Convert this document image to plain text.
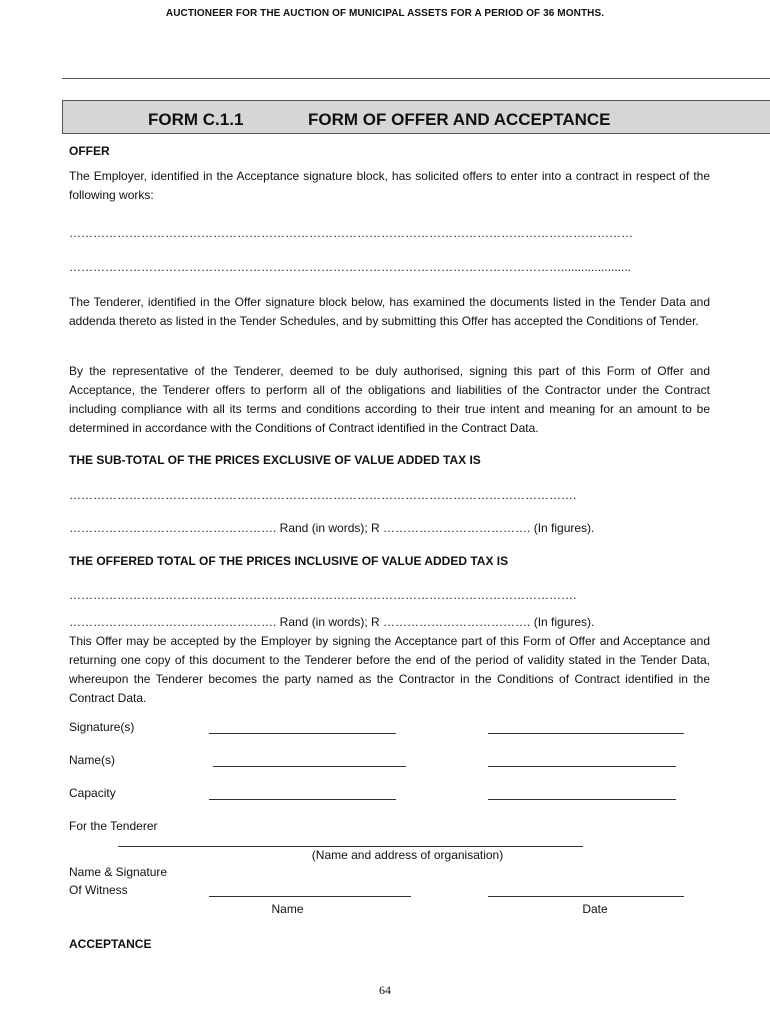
AUCTIONEER FOR THE AUCTION OF MUNICIPAL ASSETS FOR A PERIOD OF 36 MONTHS.
FORM C.1.1	FORM OF OFFER AND ACCEPTANCE
OFFER
The Employer, identified in the Acceptance signature block, has solicited offers to enter into a contract in respect of the following works:
……………………………………………………………………………………………………………………………
…………………………………………………………………………………………………………….....................
The Tenderer, identified in the Offer signature block below, has examined the documents listed in the Tender Data and addenda thereto as listed in the Tender Schedules, and by submitting this Offer has accepted the Conditions of Tender.
By the representative of the Tenderer, deemed to be duly authorised, signing this part of this Form of Offer and Acceptance, the Tenderer offers to perform all of the obligations and liabilities of the Contractor under the Contract including compliance with all its terms and conditions according to their true intent and meaning for an amount to be determined in accordance with the Conditions of Contract identified in the Contract Data.
THE SUB-TOTAL OF THE PRICES EXCLUSIVE OF VALUE ADDED TAX IS
……………………………………………………………………………………………………………….
……………………………………………. Rand (in words); R ………………………………. (In figures).
THE OFFERED TOTAL OF THE PRICES INCLUSIVE OF VALUE ADDED TAX IS
……………………………………………………………………………………………………………….
……………………………………………. Rand (in words); R ………………………………. (In figures).
This Offer may be accepted by the Employer by signing the Acceptance part of this Form of Offer and Acceptance and returning one copy of this document to the Tenderer before the end of the period of validity stated in the Tender Data, whereupon the Tenderer becomes the party named as the Contractor in the Conditions of Contract identified in the Contract Data.
Signature(s)
Name(s)
Capacity
For the Tenderer
(Name and address of organisation)
Name & Signature
Of Witness
Name	Date
ACCEPTANCE
64
